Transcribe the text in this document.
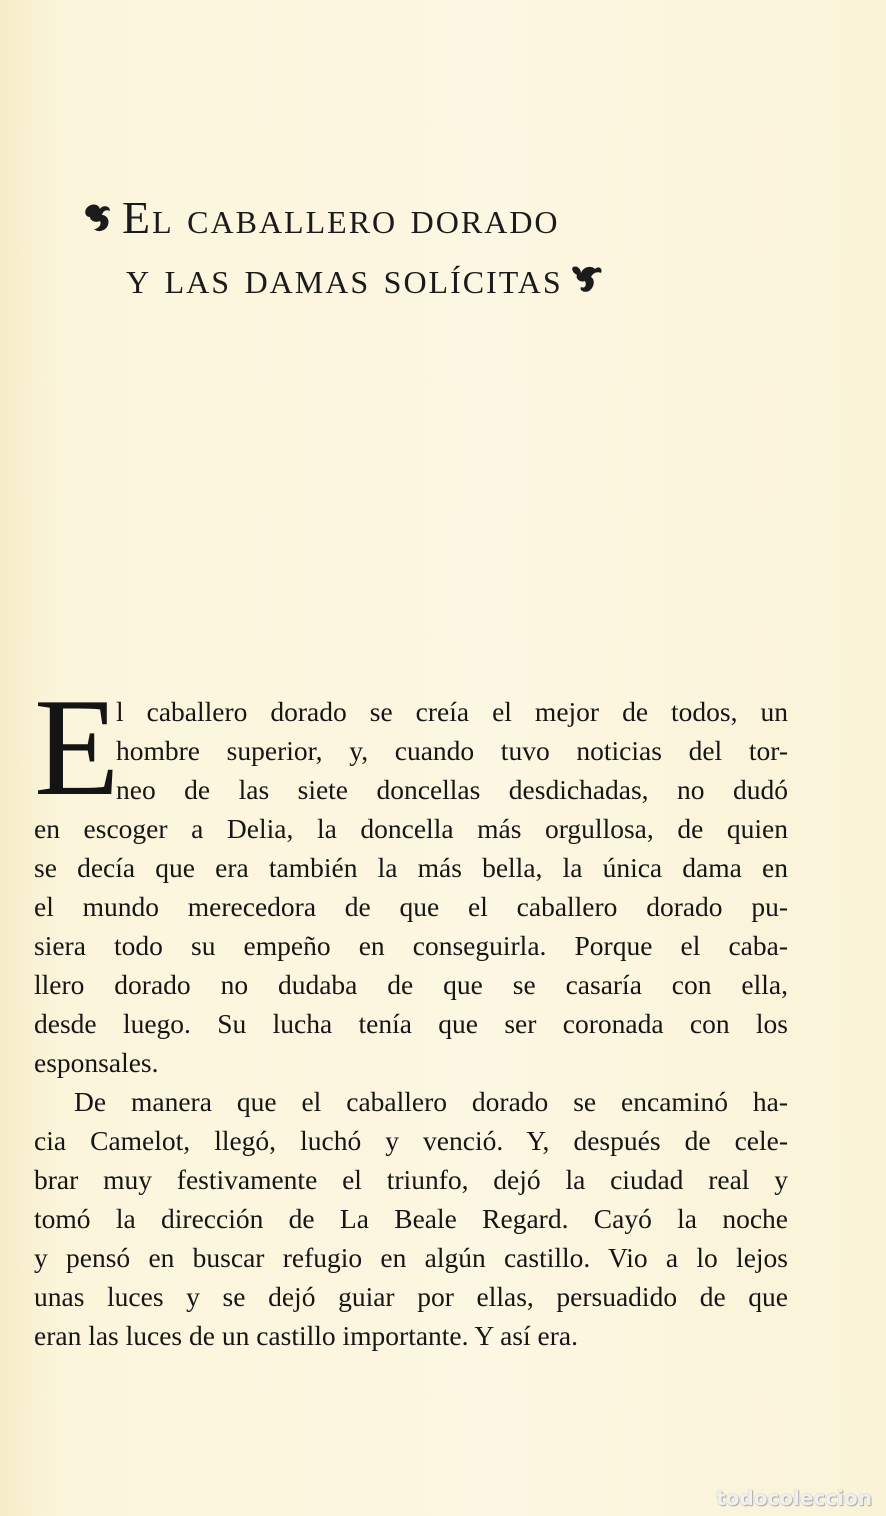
El caballero dorado
y las damas solícitas
E
l caballero dorado se creía el mejor de todos, un
hombre superior, y, cuando tuvo noticias del tor-
neo de las siete doncellas desdichadas, no dudó
en escoger a Delia, la doncella más orgullosa, de quien
se decía que era también la más bella, la única dama en
el mundo merecedora de que el caballero dorado pu-
siera todo su empeño en conseguirla. Porque el caba-
llero dorado no dudaba de que se casaría con ella,
desde luego. Su lucha tenía que ser coronada con los
esponsales.
De manera que el caballero dorado se encaminó ha-
cia Camelot, llegó, luchó y venció. Y, después de cele-
brar muy festivamente el triunfo, dejó la ciudad real y
tomó la dirección de La Beale Regard. Cayó la noche
y pensó en buscar refugio en algún castillo. Vio a lo lejos
unas luces y se dejó guiar por ellas, persuadido de que
eran las luces de un castillo importante. Y así era.
todocoleccion
